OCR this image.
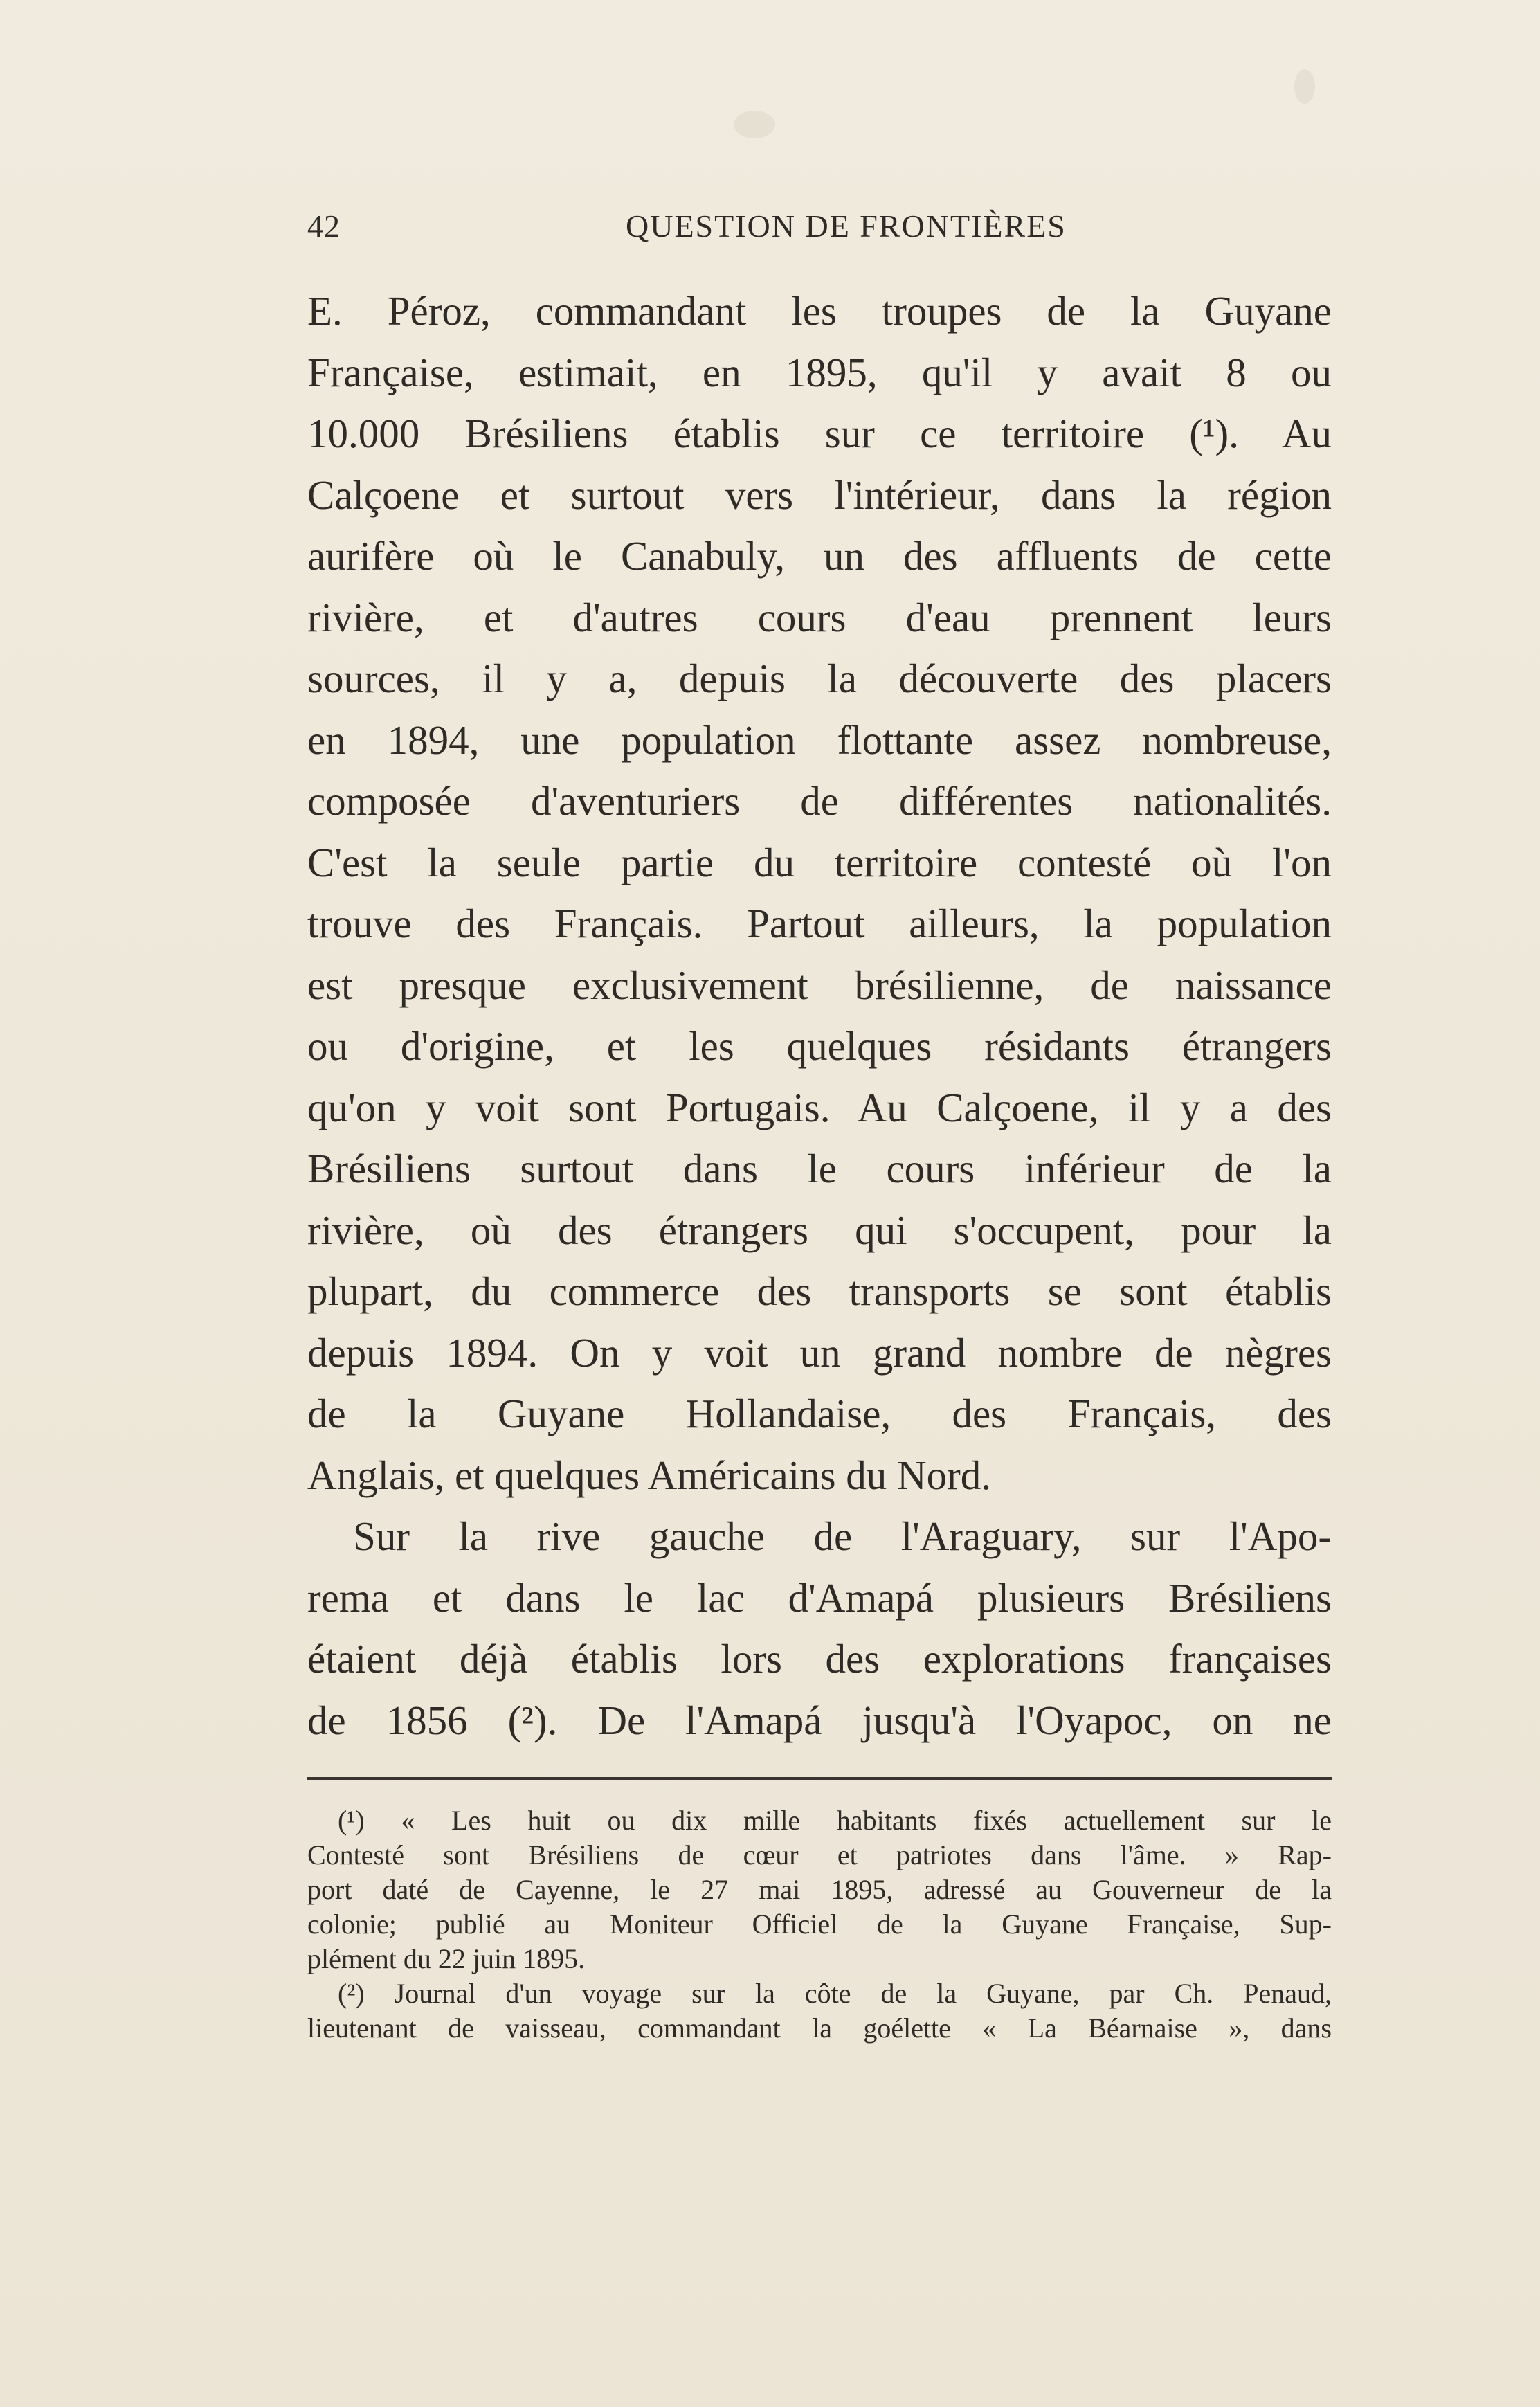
42	QUESTION DE FRONTIÈRES
E. Péroz, commandant les troupes de la Guyane
Française, estimait, en 1895, qu'il y avait 8 ou
10.000 Brésiliens établis sur ce territoire (¹). Au
Calçoene et surtout vers l'intérieur, dans la région
aurifère où le Canabuly, un des affluents de cette
rivière, et d'autres cours d'eau prennent leurs
sources, il y a, depuis la découverte des placers
en 1894, une population flottante assez nombreuse,
composée d'aventuriers de différentes nationalités.
C'est la seule partie du territoire contesté où l'on
trouve des Français. Partout ailleurs, la population
est presque exclusivement brésilienne, de naissance
ou d'origine, et les quelques résidants étrangers
qu'on y voit sont Portugais. Au Calçoene, il y a des
Brésiliens surtout dans le cours inférieur de la
rivière, où des étrangers qui s'occupent, pour la
plupart, du commerce des transports se sont établis
depuis 1894. On y voit un grand nombre de nègres
de la Guyane Hollandaise, des Français, des
Anglais, et quelques Américains du Nord.
Sur la rive gauche de l'Araguary, sur l'Apo-
rema et dans le lac d'Amapá plusieurs Brésiliens
étaient déjà établis lors des explorations françaises
de 1856 (²). De l'Amapá jusqu'à l'Oyapoc, on ne
(¹) « Les huit ou dix mille habitants fixés actuellement sur le
Contesté sont Brésiliens de cœur et patriotes dans l'âme. » Rap-
port daté de Cayenne, le 27 mai 1895, adressé au Gouverneur de la
colonie; publié au Moniteur Officiel de la Guyane Française, Sup-
plément du 22 juin 1895.
(²) Journal d'un voyage sur la côte de la Guyane, par Ch. Penaud,
lieutenant de vaisseau, commandant la goélette « La Béarnaise », dans
